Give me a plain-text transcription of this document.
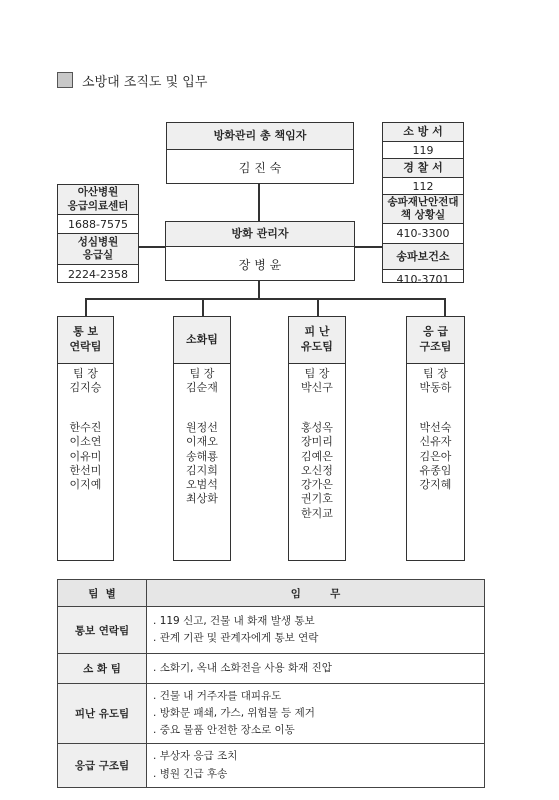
소방대 조직도 및 입무
방화관리 총 책임자
김 진 숙
방화 관리자
장 병 윤
아산병원
응급의료센터
1688-7575
성심병원
응급실
2224-2358
소 방 서
119
경 찰 서
112
송파재난안전대
책 상황실
410-3300
송파보건소
410-3701
통 보
연락팀
팀 장
김지승
한수진
이소연
이유미
한선미
이지예
소화팀
팀 장
김순재
원정선
이재오
송해룡
김지희
오범석
최상화
피 난
유도팀
팀 장
박신구
홍성옥
장미리
김예은
오신정
강가은
권기호
한지교
응 급
구조팀
팀 장
박동하
박선숙
신유자
김은아
유종임
강지혜
팀  별	임        무
통보 연락팀	. 119 신고, 건물 내 화재 발생 통보
. 관계 기관 및 관계자에게 통보 연락

소 화 팀	. 소화기, 옥내 소화전을 사용 화재 진압

피난 유도팀	. 건물 내 거주자를 대피유도
. 방화문 패쇄, 가스, 위험물 등 제거
. 중요 물품 안전한 장소로 이동

응급 구조팀	. 부상자 응급 조치
. 병원 긴급 후송
